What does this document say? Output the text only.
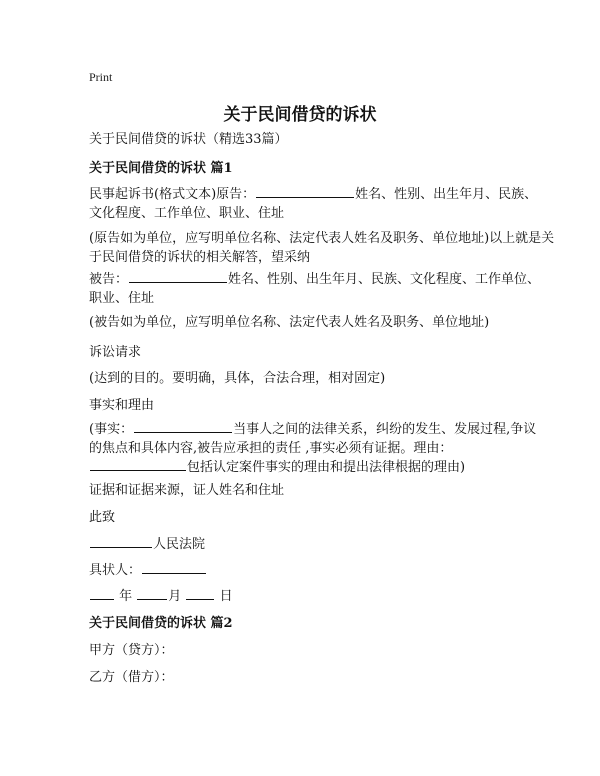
Print
关于民间借贷的诉状

关于民间借贷的诉状（精选33篇）

关于民间借贷的诉状 篇1

民事起诉书(格式文本)原告：	姓名、性别、出生年月、民族、
文化程度、工作单位、职业、住址

(原告如为单位，应写明单位名称、法定代表人姓名及职务、单位地址)以上就是关
于民间借贷的诉状的相关解答，望采纳

被告：	姓名、性别、出生年月、民族、文化程度、工作单位、
职业、住址

(被告如为单位，应写明单位名称、法定代表人姓名及职务、单位地址)

诉讼请求

(达到的目的。要明确，具体，合法合理，相对固定)

事实和理由

(事实：	当事人之间的法律关系，纠纷的发生、发展过程,争议
的焦点和具体内容,被告应承担的责任 ,事实必须有证据。理由：
包括认定案件事实的理由和提出法律根据的理由)

证据和证据来源，证人姓名和住址

此致

人民法院

具状人：

年	月	日

关于民间借贷的诉状 篇2

甲方（贷方）：

乙方（借方）：
